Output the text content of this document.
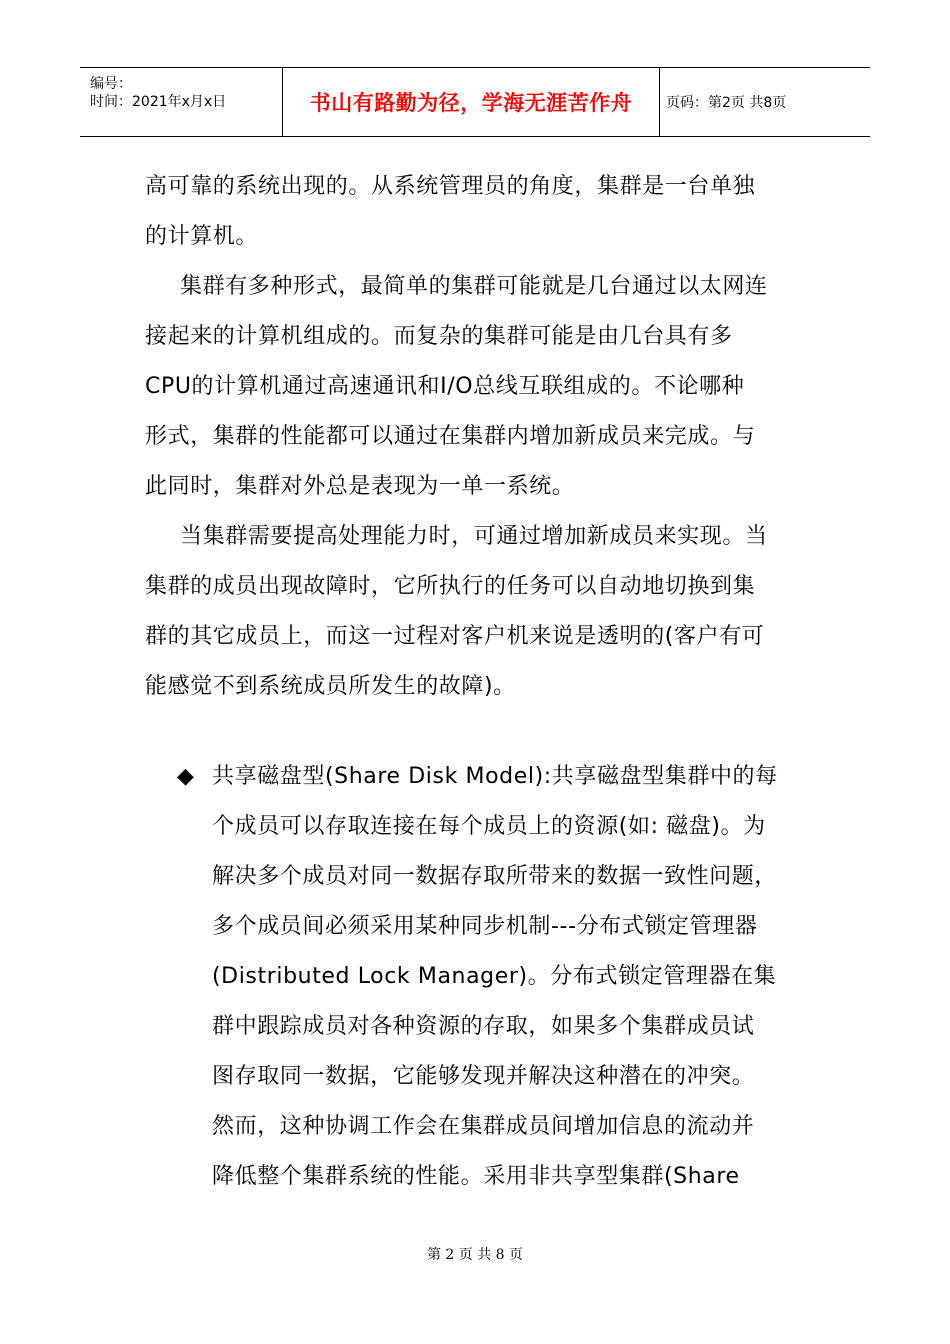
编号：
时间：2021年x月x日	书山有路勤为径，学海无涯苦作舟 页码：第2页 共8页
高可靠的系统出现的。从系统管理员的角度，集群是一台单独
的计算机。
集群有多种形式，最简单的集群可能就是几台通过以太网连
接起来的计算机组成的。而复杂的集群可能是由几台具有多
CPU的计算机通过高速通讯和I/O总线互联组成的。不论哪种
形式，集群的性能都可以通过在集群内增加新成员来完成。与
此同时，集群对外总是表现为一单一系统。
当集群需要提高处理能力时，可通过增加新成员来实现。当
集群的成员出现故障时，它所执行的任务可以自动地切换到集
群的其它成员上，而这一过程对客户机来说是透明的(客户有可
能感觉不到系统成员所发生的故障)。
◆ 共享磁盘型(Share Disk Model):共享磁盘型集群中的每
个成员可以存取连接在每个成员上的资源(如: 磁盘)。为
解决多个成员对同一数据存取所带来的数据一致性问题，
多个成员间必须采用某种同步机制---分布式锁定管理器
(Distributed Lock Manager)。分布式锁定管理器在集
群中跟踪成员对各种资源的存取，如果多个集群成员试
图存取同一数据，它能够发现并解决这种潜在的冲突。
然而，这种协调工作会在集群成员间增加信息的流动并
降低整个集群系统的性能。采用非共享型集群(Share
第 2 页 共 8 页
